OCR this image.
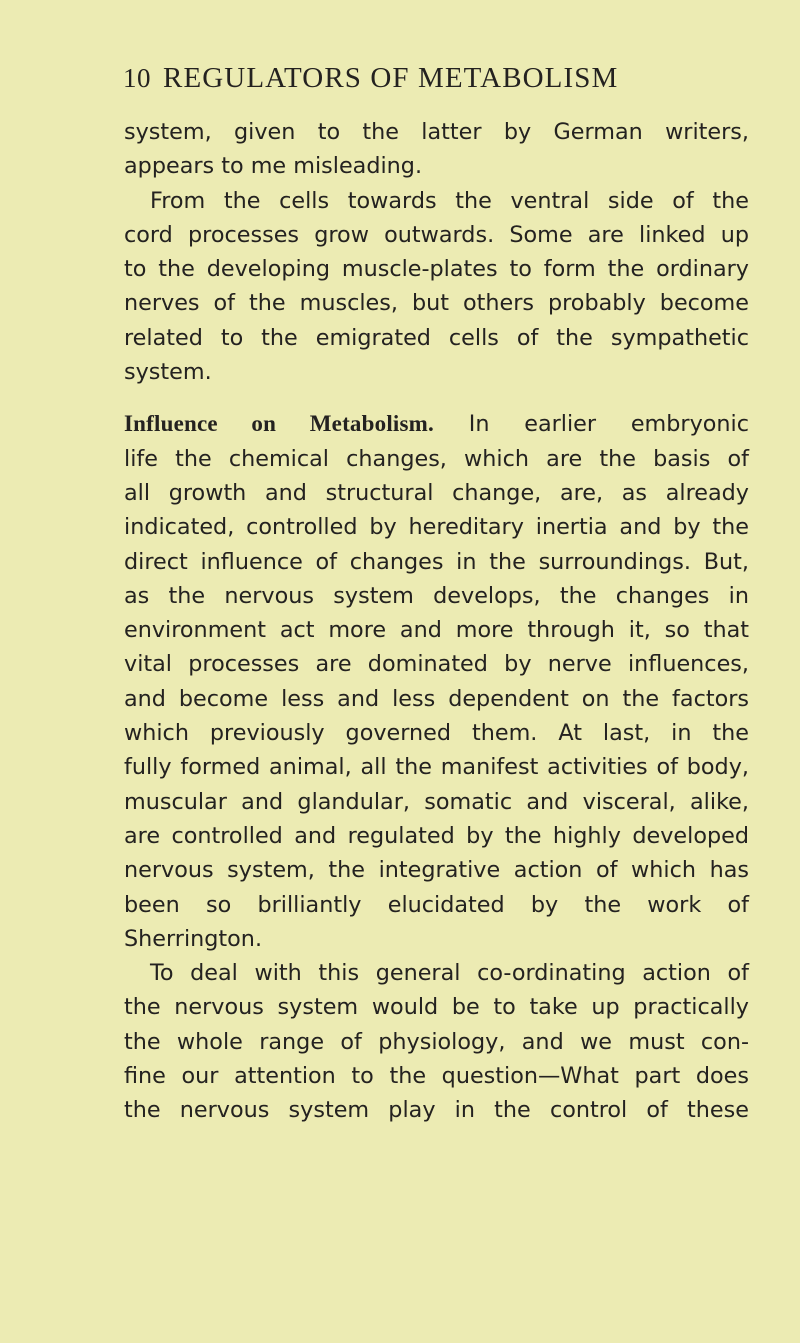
10 REGULATORS OF METABOLISM
system, given to the latter by German writers,
appears to me misleading.
From the cells towards the ventral side of the
cord processes grow outwards. Some are linked up
to the developing muscle-plates to form the ordinary
nerves of the muscles, but others probably become
related to the emigrated cells of the sympathetic
system.
Influence on Metabolism. In earlier embryonic
life the chemical changes, which are the basis of
all growth and structural change, are, as already
indicated, controlled by hereditary inertia and by the
direct influence of changes in the surroundings. But,
as the nervous system develops, the changes in
environment act more and more through it, so that
vital processes are dominated by nerve influences,
and become less and less dependent on the factors
which previously governed them. At last, in the
fully formed animal, all the manifest activities of body,
muscular and glandular, somatic and visceral, alike,
are controlled and regulated by the highly developed
nervous system, the integrative action of which has
been so brilliantly elucidated by the work of
Sherrington.
To deal with this general co-ordinating action of
the nervous system would be to take up practically
the whole range of physiology, and we must con-
fine our attention to the question—What part does
the nervous system play in the control of these
